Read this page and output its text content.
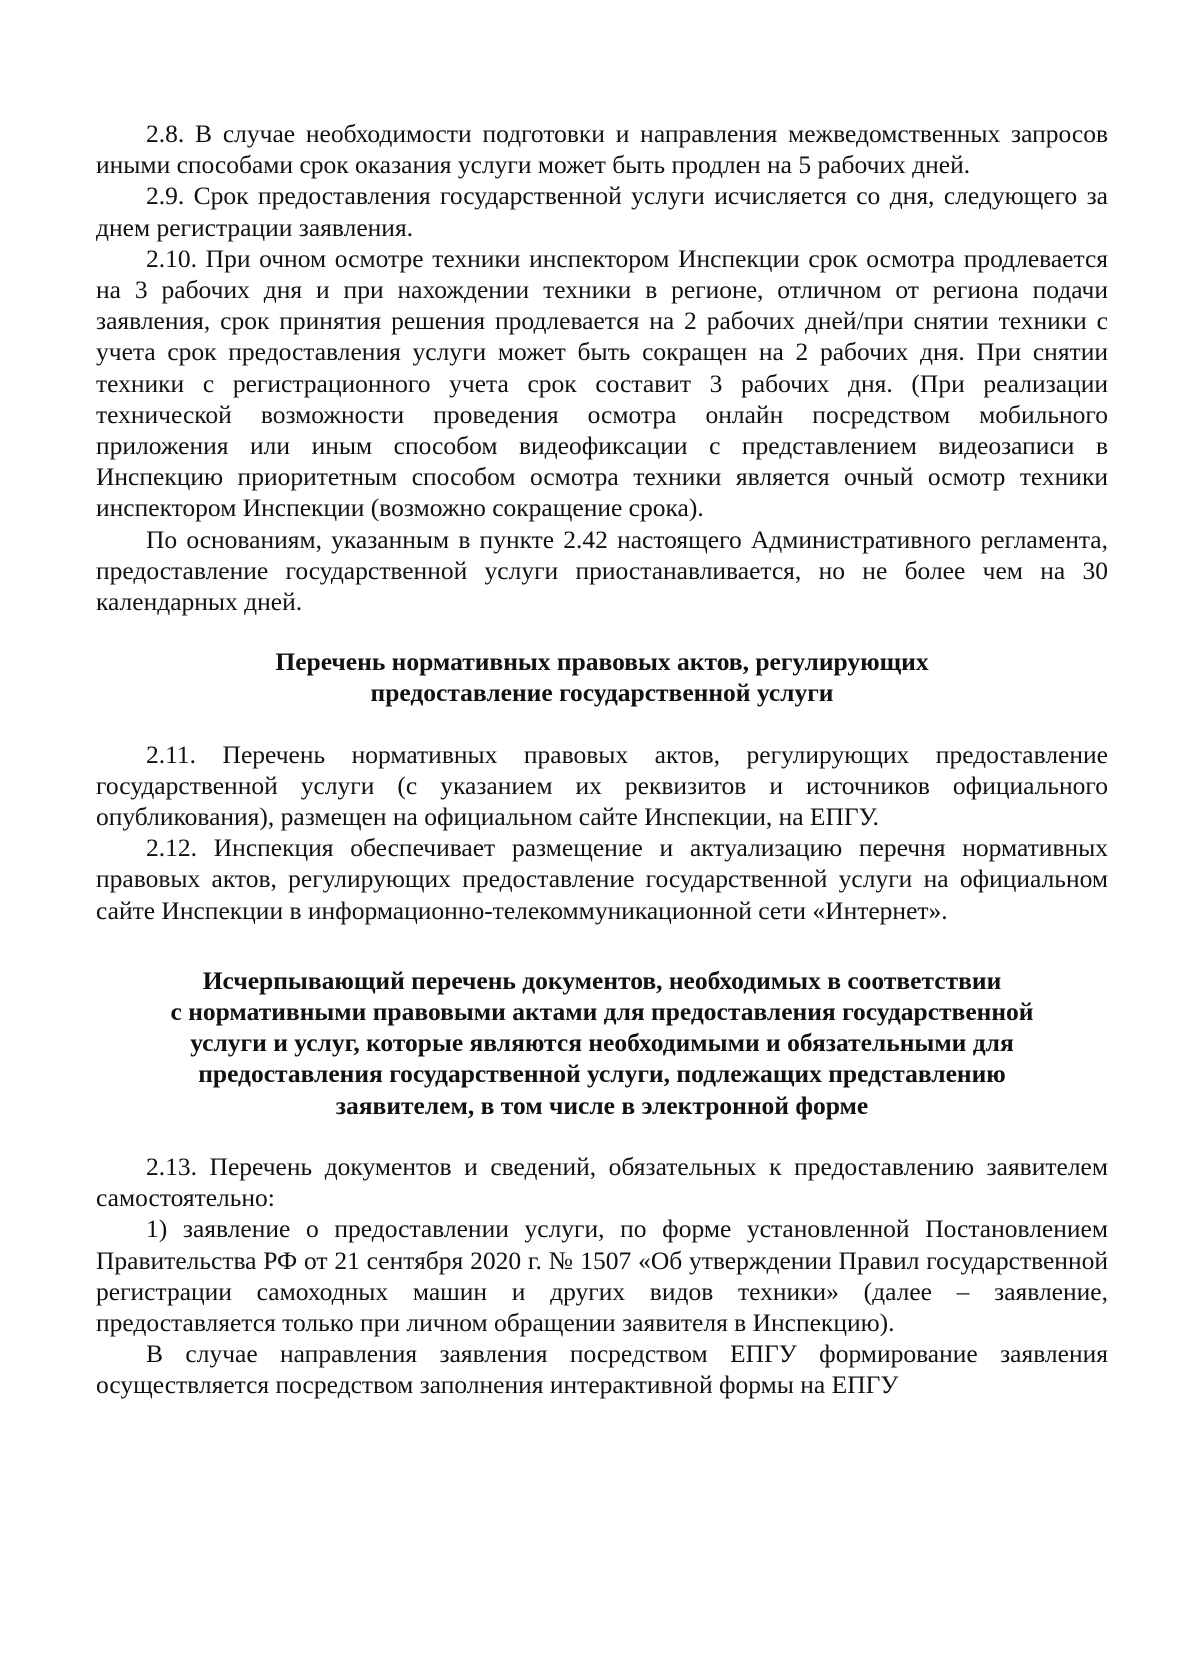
2.8. В случае необходимости подготовки и направления межведомственных запросов иными способами срок оказания услуги может быть продлен на 5 рабочих дней.

2.9. Срок предоставления государственной услуги исчисляется со дня, следующего за днем регистрации заявления.

2.10. При очном осмотре техники инспектором Инспекции срок осмотра продлевается на 3 рабочих дня и при нахождении техники в регионе, отличном от региона подачи заявления, срок принятия решения продлевается на 2 рабочих дней/при снятии техники с учета срок предоставления услуги может быть сокращен на 2 рабочих дня. При снятии техники с регистрационного учета срок составит 3 рабочих дня. (При реализации технической возможности проведения осмотра онлайн посредством мобильного приложения или иным способом видеофиксации с представлением видеозаписи в Инспекцию приоритетным способом осмотра техники является очный осмотр техники инспектором Инспекции (возможно сокращение срока).

По основаниям, указанным в пункте 2.42 настоящего Административного регламента, предоставление государственной услуги приостанавливается, но не более чем на 30 календарных дней.

Перечень нормативных правовых актов, регулирующих
предоставление государственной услуги

2.11. Перечень нормативных правовых актов, регулирующих предоставление государственной услуги (с указанием их реквизитов и источников официального опубликования), размещен на официальном сайте Инспекции, на ЕПГУ.

2.12. Инспекция обеспечивает размещение и актуализацию перечня нормативных правовых актов, регулирующих предоставление государственной услуги на официальном сайте Инспекции в информационно-телекоммуникационной сети «Интернет».

Исчерпывающий перечень документов, необходимых в соответствии
с нормативными правовыми актами для предоставления государственной
услуги и услуг, которые являются необходимыми и обязательными для
предоставления государственной услуги, подлежащих представлению
заявителем, в том числе в электронной форме

2.13. Перечень документов и сведений, обязательных к предоставлению заявителем самостоятельно:

1) заявление о предоставлении услуги, по форме установленной Постановлением Правительства РФ от 21 сентября 2020 г. № 1507 «Об утверждении Правил государственной регистрации самоходных машин и других видов техники» (далее – заявление, предоставляется только при личном обращении заявителя в Инспекцию).

В случае направления заявления посредством ЕПГУ формирование заявления осуществляется посредством заполнения интерактивной формы на ЕПГУ
